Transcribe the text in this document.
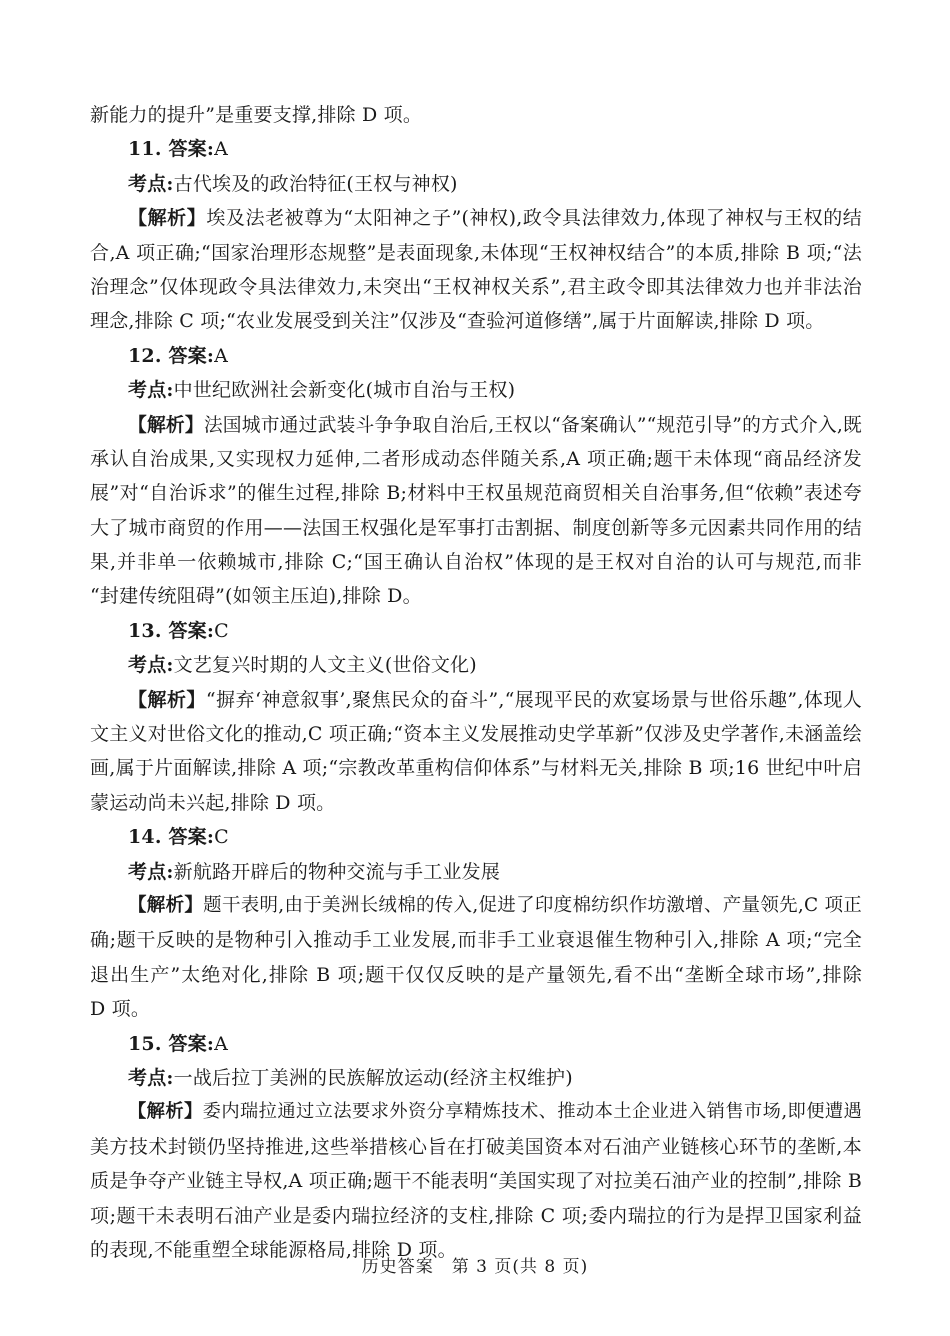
新能力的提升”是重要支撑,排除 D 项。
11. 答案:A
考点:古代埃及的政治特征(王权与神权)
【解析】埃及法老被尊为“太阳神之子”(神权),政令具法律效力,体现了神权与王权的结
合,A 项正确;“国家治理形态规整”是表面现象,未体现“王权神权结合”的本质,排除 B 项;“法
治理念”仅体现政令具法律效力,未突出“王权神权关系”,君主政令即其法律效力也并非法治
理念,排除 C 项;“农业发展受到关注”仅涉及“查验河道修缮”,属于片面解读,排除 D 项。
12. 答案:A
考点:中世纪欧洲社会新变化(城市自治与王权)
【解析】法国城市通过武装斗争争取自治后,王权以“备案确认”“规范引导”的方式介入,既
承认自治成果,又实现权力延伸,二者形成动态伴随关系,A 项正确;题干未体现“商品经济发
展”对“自治诉求”的催生过程,排除 B;材料中王权虽规范商贸相关自治事务,但“依赖”表述夸
大了城市商贸的作用——法国王权强化是军事打击割据、制度创新等多元因素共同作用的结
果,并非单一依赖城市,排除 C;“国王确认自治权”体现的是王权对自治的认可与规范,而非
“封建传统阻碍”(如领主压迫),排除 D。
13. 答案:C
考点:文艺复兴时期的人文主义(世俗文化)
【解析】“摒弃‘神意叙事’,聚焦民众的奋斗”,“展现平民的欢宴场景与世俗乐趣”,体现人
文主义对世俗文化的推动,C 项正确;“资本主义发展推动史学革新”仅涉及史学著作,未涵盖绘
画,属于片面解读,排除 A 项;“宗教改革重构信仰体系”与材料无关,排除 B 项;16 世纪中叶启
蒙运动尚未兴起,排除 D 项。
14. 答案:C
考点:新航路开辟后的物种交流与手工业发展
【解析】题干表明,由于美洲长绒棉的传入,促进了印度棉纺织作坊激增、产量领先,C 项正
确;题干反映的是物种引入推动手工业发展,而非手工业衰退催生物种引入,排除 A 项;“完全
退出生产”太绝对化,排除 B 项;题干仅仅反映的是产量领先,看不出“垄断全球市场”,排除
D 项。
15. 答案:A
考点:一战后拉丁美洲的民族解放运动(经济主权维护)
【解析】委内瑞拉通过立法要求外资分享精炼技术、推动本土企业进入销售市场,即便遭遇
美方技术封锁仍坚持推进,这些举措核心旨在打破美国资本对石油产业链核心环节的垄断,本
质是争夺产业链主导权,A 项正确;题干不能表明“美国实现了对拉美石油产业的控制”,排除 B
项;题干未表明石油产业是委内瑞拉经济的支柱,排除 C 项;委内瑞拉的行为是捍卫国家利益
的表现,不能重塑全球能源格局,排除 D 项。
历史答案　第 3 页(共 8 页)
